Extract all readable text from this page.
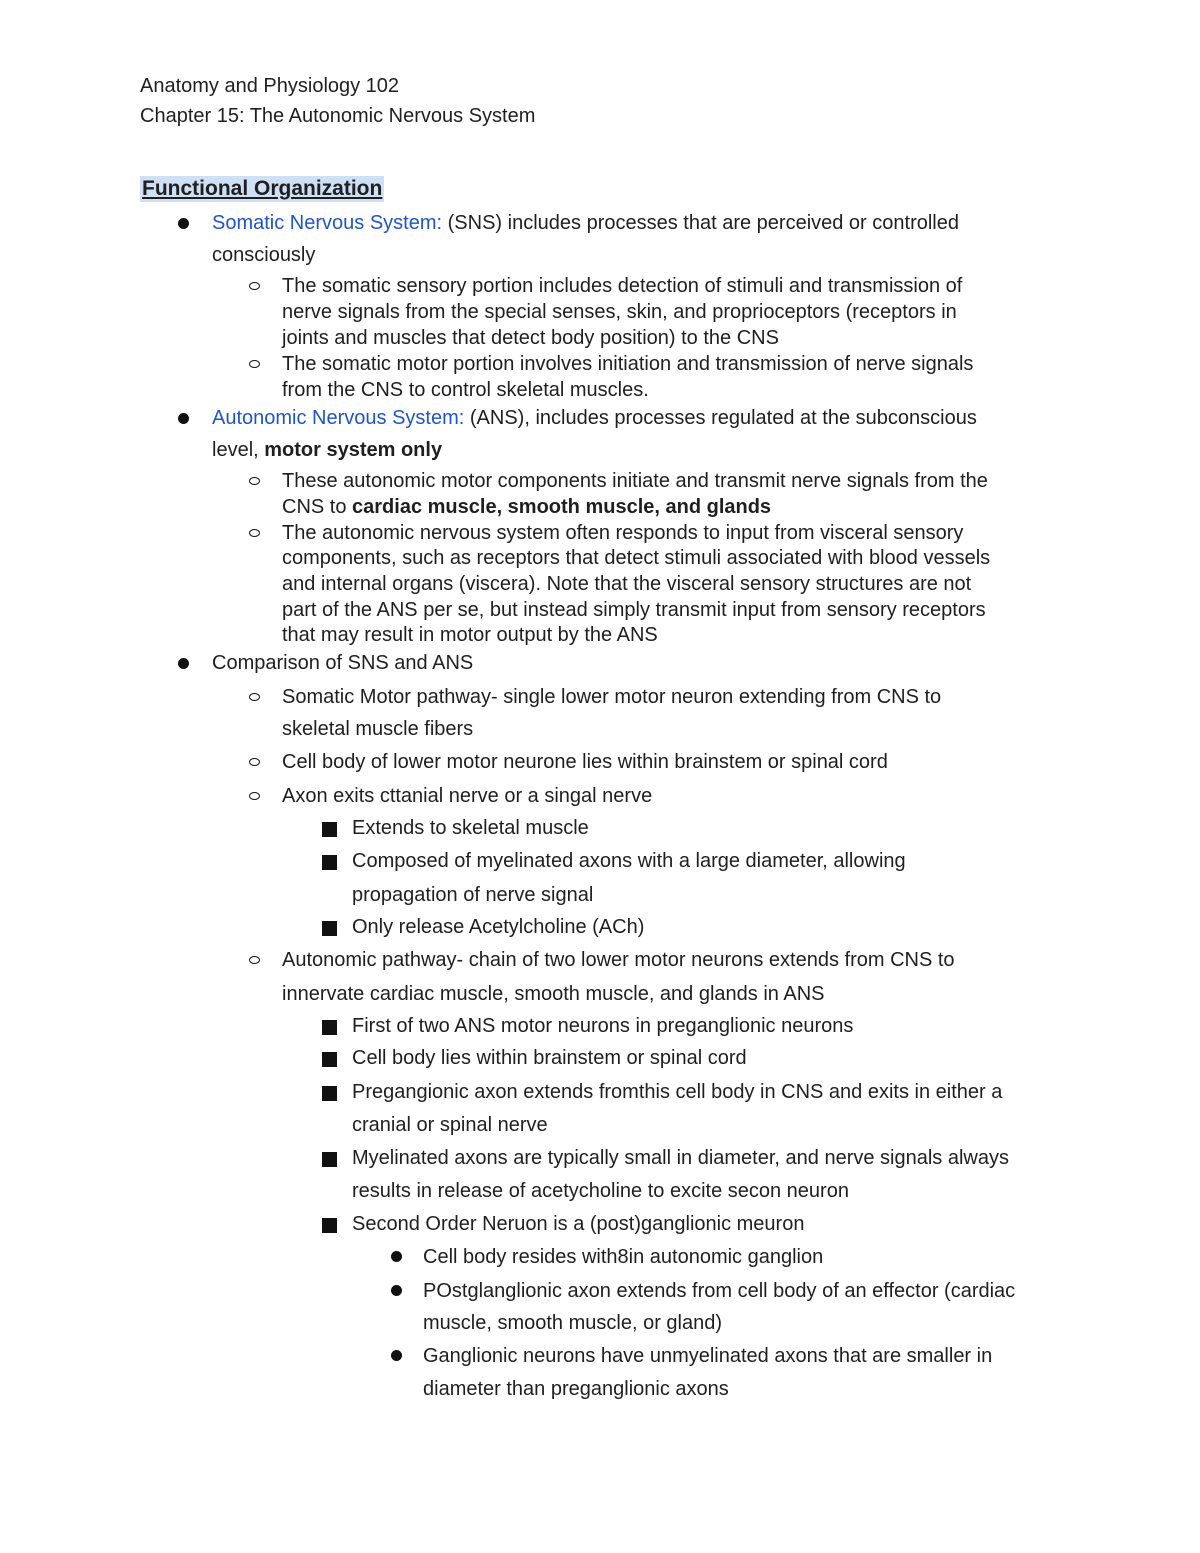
Anatomy and Physiology 102
Chapter 15: The Autonomic Nervous System
Functional Organization
Somatic Nervous System: (SNS) includes processes that are perceived or controlled
consciously
The somatic sensory portion includes detection of stimuli and transmission of
nerve signals from the special senses, skin, and proprioceptors (receptors in
joints and muscles that detect body position) to the CNS
The somatic motor portion involves initiation and transmission of nerve signals
from the CNS to control skeletal muscles.
Autonomic Nervous System: (ANS), includes processes regulated at the subconscious
level, motor system only
These autonomic motor components initiate and transmit nerve signals from the
CNS to cardiac muscle, smooth muscle, and glands
The autonomic nervous system often responds to input from visceral sensory
components, such as receptors that detect stimuli associated with blood vessels
and internal organs (viscera). Note that the visceral sensory structures are not
part of the ANS per se, but instead simply transmit input from sensory receptors
that may result in motor output by the ANS
Comparison of SNS and ANS
Somatic Motor pathway- single lower motor neuron extending from CNS to
skeletal muscle fibers
Cell body of lower motor neurone lies within brainstem or spinal cord
Axon exits cttanial nerve or a singal nerve
Extends to skeletal muscle
Composed of myelinated axons with a large diameter, allowing
propagation of nerve signal
Only release Acetylcholine (ACh)
Autonomic pathway- chain of two lower motor neurons extends from CNS to
innervate cardiac muscle, smooth muscle, and glands in ANS
First of two ANS motor neurons in preganglionic neurons
Cell body lies within brainstem or spinal cord
Pregangionic axon extends fromthis cell body in CNS and exits in either a
cranial or spinal nerve
Myelinated axons are typically small in diameter, and nerve signals always
results in release of acetycholine to excite secon neuron
Second Order Neruon is a (post)ganglionic meuron
Cell body resides with8in autonomic ganglion
POstglanglionic axon extends from cell body of an effector (cardiac
muscle, smooth muscle, or gland)
Ganglionic neurons have unmyelinated axons that are smaller in
diameter than preganglionic axons
